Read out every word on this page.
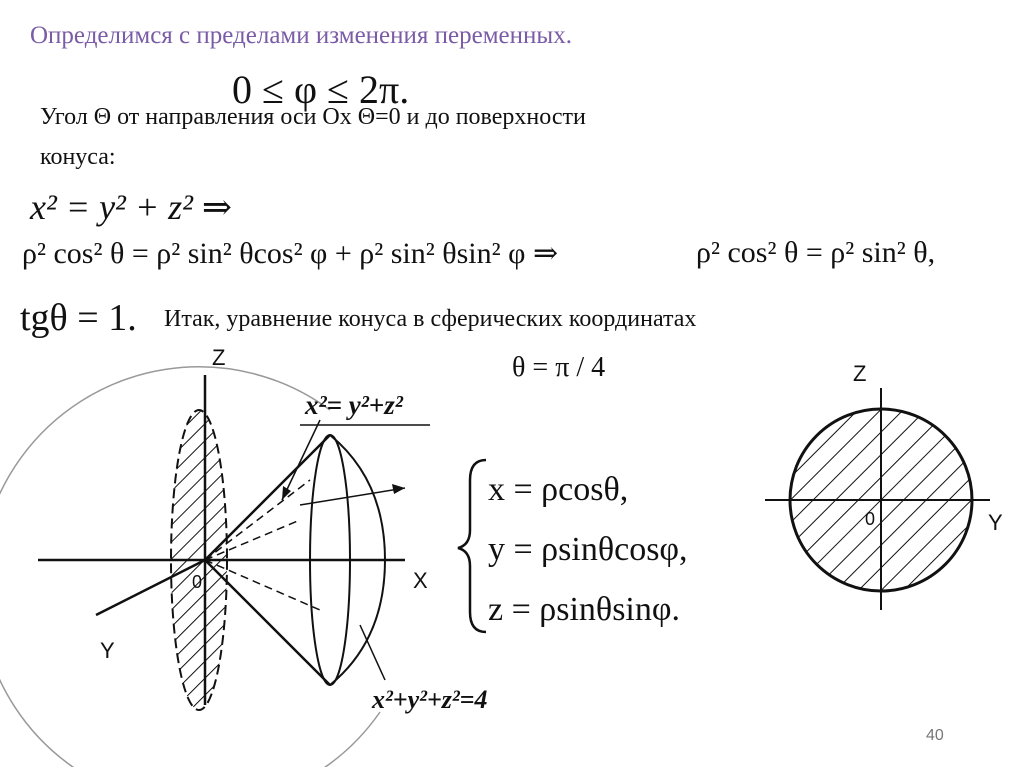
Определимся с пределами изменения переменных.
0 ≤ φ ≤ 2π.
Угол Θ от направления оси Ох Θ=0 и до поверхности
конуса:
x² = y² + z² ⇒
ρ² cos² θ = ρ² sin² θcos² φ + ρ² sin² θsin² φ ⇒	ρ² cos² θ = ρ² sin² θ,
tgθ = 1. Итак, уравнение конуса в сферических координатах
θ = π / 4
Z
X
Y
0
x²= y²+z²
x²+y²+z²=4
Z
Y
0
x = ρcosθ,
y = ρsinθcosφ,
z = ρsinθsinφ.
40
